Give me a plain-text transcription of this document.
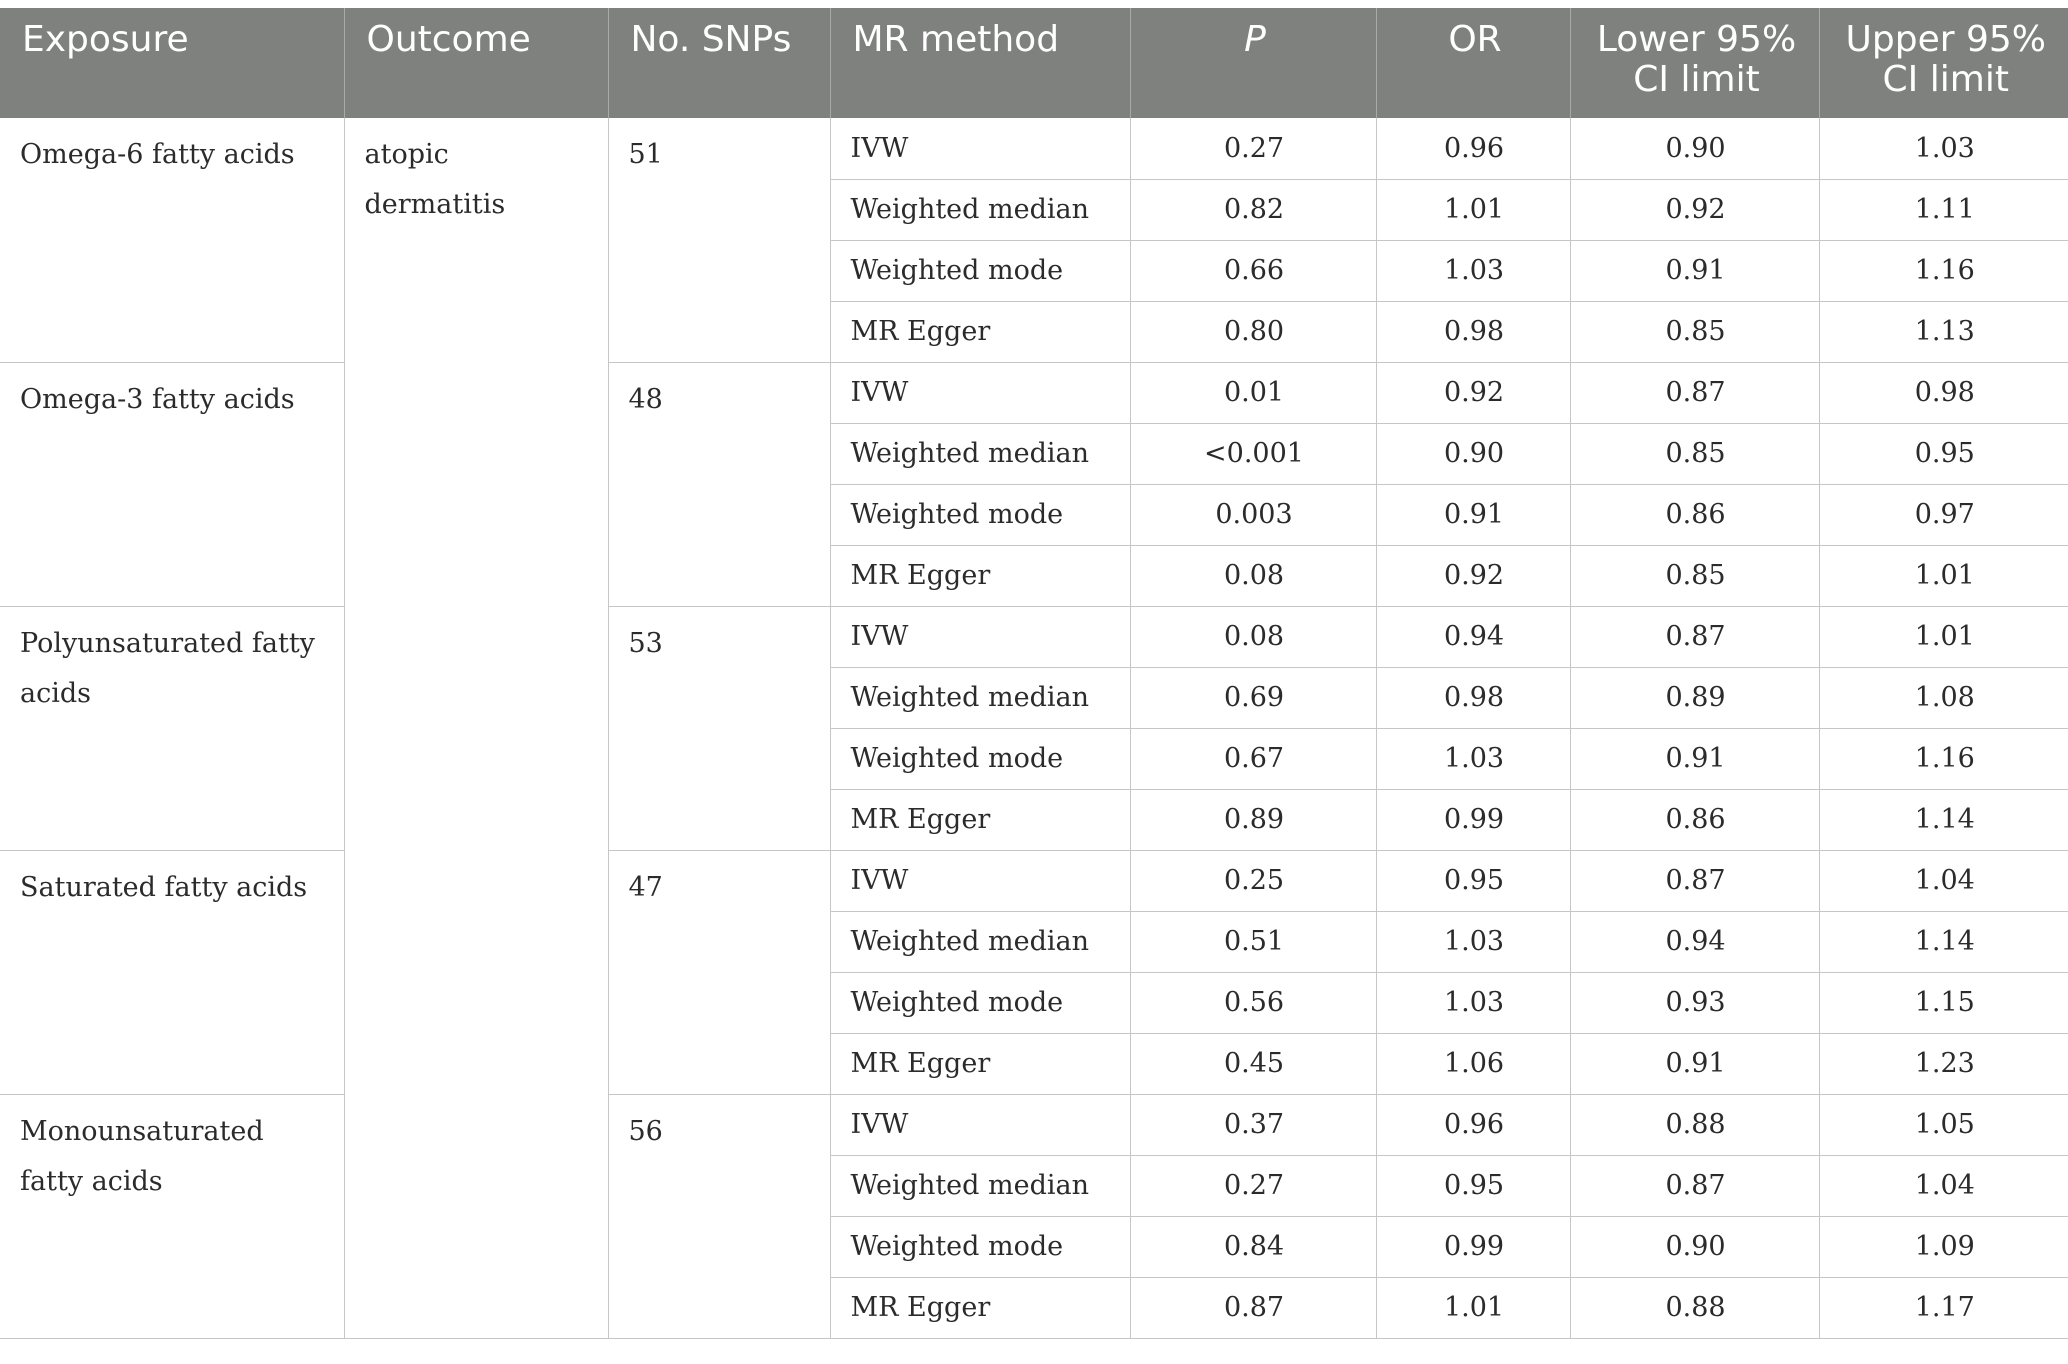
Exposure	Outcome	No. SNPs	MR method	P	OR	Lower 95% CI limit	Upper 95% CI limit
Omega-6 fatty acids	atopic dermatitis	51	IVW	0.27	0.96	0.90	1.03
			Weighted median	0.82	1.01	0.92	1.11
			Weighted mode	0.66	1.03	0.91	1.16
			MR Egger	0.80	0.98	0.85	1.13
Omega-3 fatty acids		48	IVW	0.01	0.92	0.87	0.98
			Weighted median	<0.001	0.90	0.85	0.95
			Weighted mode	0.003	0.91	0.86	0.97
			MR Egger	0.08	0.92	0.85	1.01
Polyunsaturated fatty acids		53	IVW	0.08	0.94	0.87	1.01
			Weighted median	0.69	0.98	0.89	1.08
			Weighted mode	0.67	1.03	0.91	1.16
			MR Egger	0.89	0.99	0.86	1.14
Saturated fatty acids		47	IVW	0.25	0.95	0.87	1.04
			Weighted median	0.51	1.03	0.94	1.14
			Weighted mode	0.56	1.03	0.93	1.15
			MR Egger	0.45	1.06	0.91	1.23
Monounsaturated fatty acids		56	IVW	0.37	0.96	0.88	1.05
			Weighted median	0.27	0.95	0.87	1.04
			Weighted mode	0.84	0.99	0.90	1.09
			MR Egger	0.87	1.01	0.88	1.17
